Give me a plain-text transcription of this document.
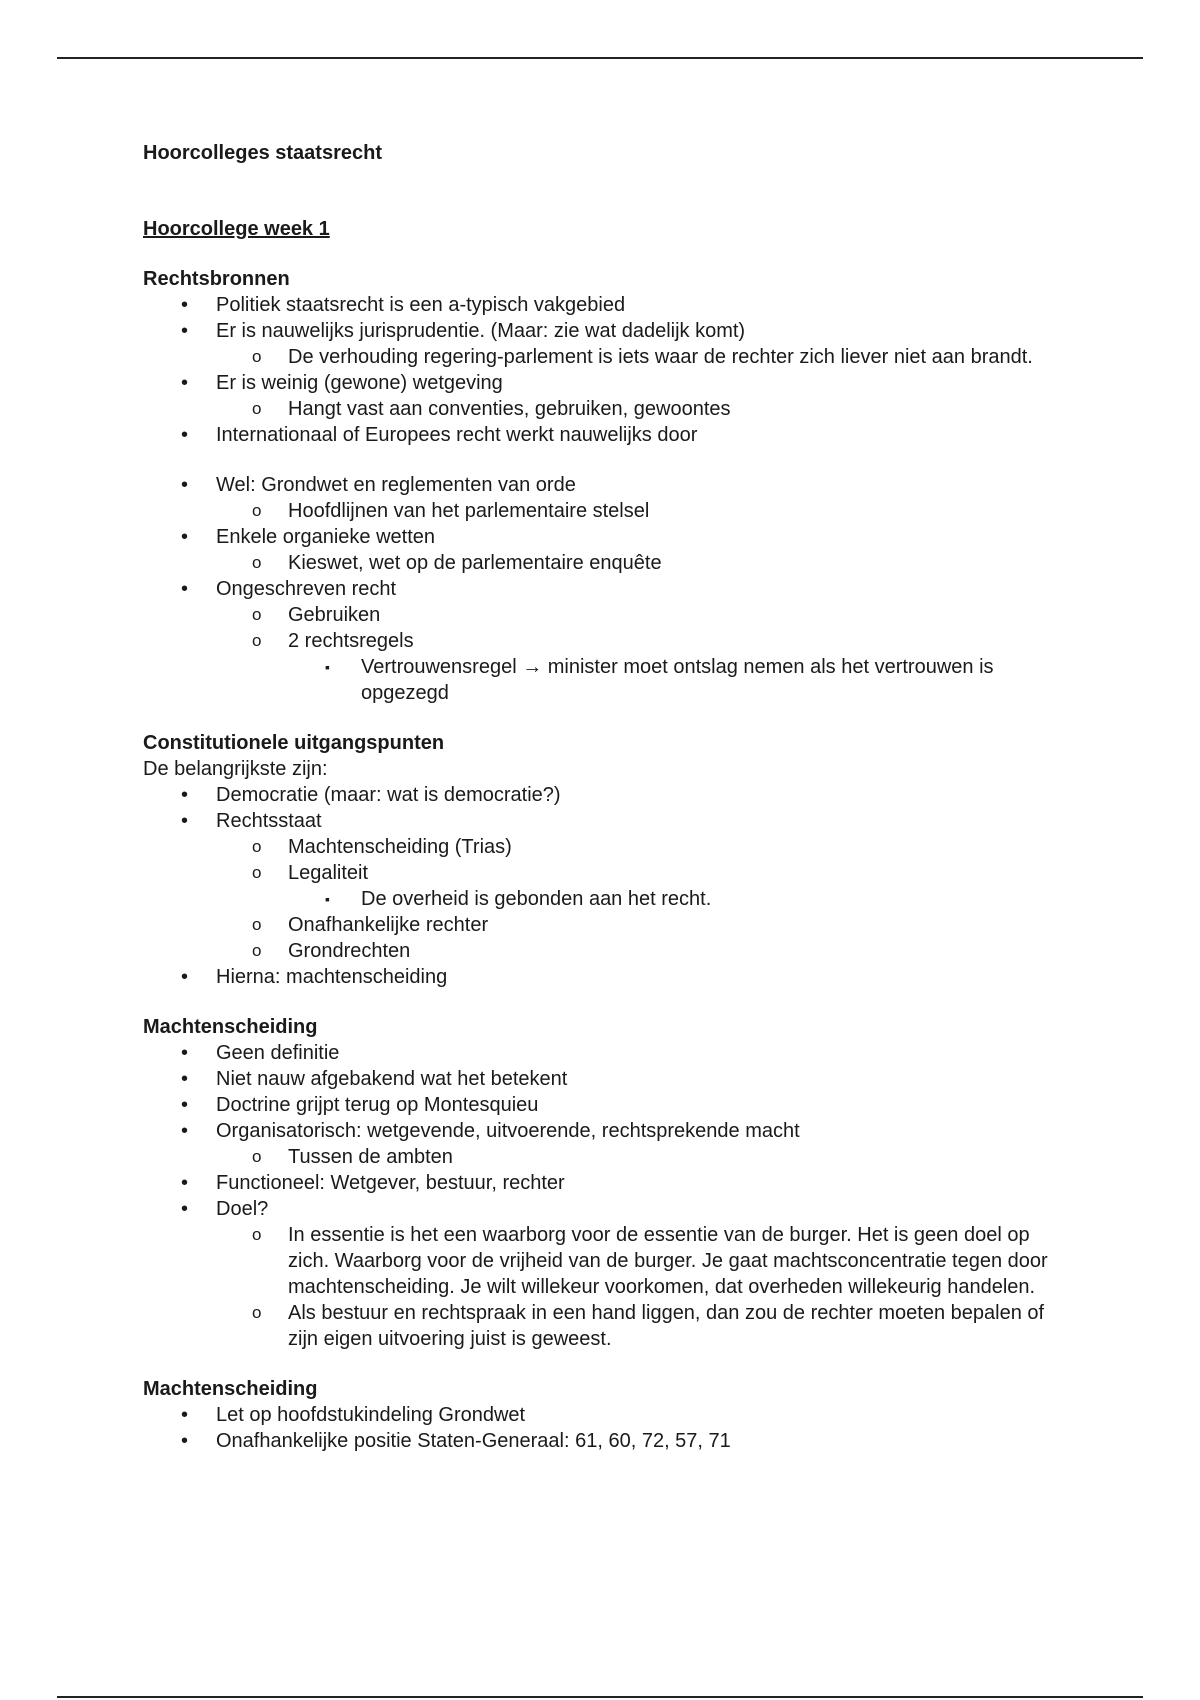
Hoorcolleges staatsrecht
Hoorcollege week 1
Rechtsbronnen
• Politiek staatsrecht is een a-typisch vakgebied
• Er is nauwelijks jurisprudentie. (Maar: zie wat dadelijk komt)
o De verhouding regering-parlement is iets waar de rechter zich liever niet aan brandt.
• Er is weinig (gewone) wetgeving
o Hangt vast aan conventies, gebruiken, gewoontes
• Internationaal of Europees recht werkt nauwelijks door
• Wel: Grondwet en reglementen van orde
o Hoofdlijnen van het parlementaire stelsel
• Enkele organieke wetten
o Kieswet, wet op de parlementaire enquête
• Ongeschreven recht
o Gebruiken
o 2 rechtsregels
▪ Vertrouwensregel → minister moet ontslag nemen als het vertrouwen is opgezegd
Constitutionele uitgangspunten
De belangrijkste zijn:
• Democratie (maar: wat is democratie?)
• Rechtsstaat
o Machtenscheiding (Trias)
o Legaliteit
▪ De overheid is gebonden aan het recht.
o Onafhankelijke rechter
o Grondrechten
• Hierna: machtenscheiding
Machtenscheiding
• Geen definitie
• Niet nauw afgebakend wat het betekent
• Doctrine grijpt terug op Montesquieu
• Organisatorisch: wetgevende, uitvoerende, rechtsprekende macht
o Tussen de ambten
• Functioneel: Wetgever, bestuur, rechter
• Doel?
o In essentie is het een waarborg voor de essentie van de burger. Het is geen doel op zich. Waarborg voor de vrijheid van de burger. Je gaat machtsconcentratie tegen door machtenscheiding. Je wilt willekeur voorkomen, dat overheden willekeurig handelen.
o Als bestuur en rechtspraak in een hand liggen, dan zou de rechter moeten bepalen of zijn eigen uitvoering juist is geweest.
Machtenscheiding
• Let op hoofdstukindeling Grondwet
• Onafhankelijke positie Staten-Generaal: 61, 60, 72, 57, 71
